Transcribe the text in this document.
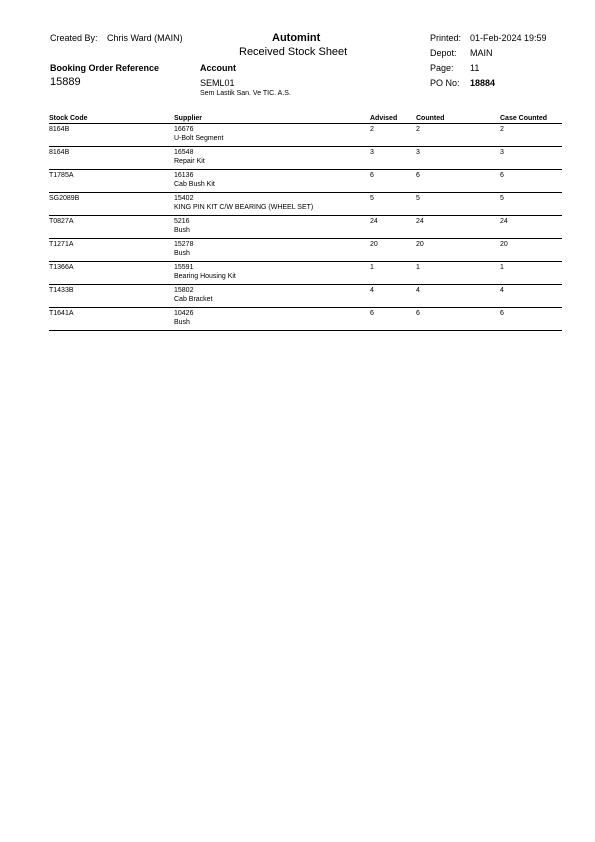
Created By: Chris Ward (MAIN)	Automint
Received Stock Sheet
Printed: 01-Feb-2024 19:59
Depot: MAIN
Page: 11
Booking Order Reference
15889
Account
SEML01
Sem Lastik San. Ve TIC. A.S.
PO No: 18884
Stock Code	Supplier	Advised	Counted	Case Counted

8164B	16676
U-Bolt Segment	2	2	2

8164B	16548
Repair Kit	3	3	3

T1785A	16136
Cab Bush Kit	6	6	6

SG2089B	15402
KING PIN KIT C/W BEARING (WHEEL SET)	5	5	5

T0827A	5216
Bush	24	24	24

T1271A	15278
Bush	20	20	20

T1366A	15591
Bearing Housing Kit	1	1	1

T1433B	15802
Cab Bracket	4	4	4

T1641A	10426
Bush	6	6	6
